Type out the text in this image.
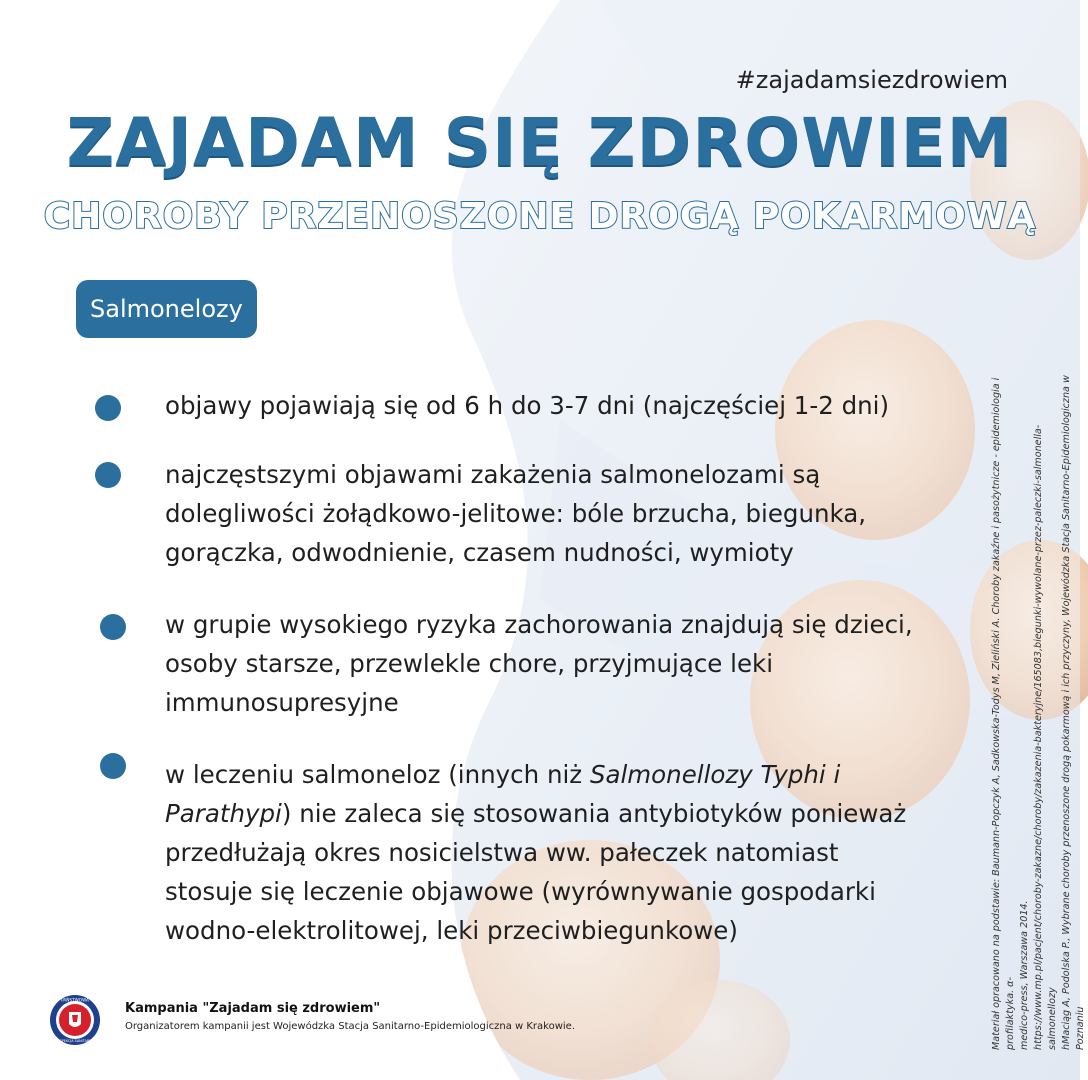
#zajadamsiezdrowiem
ZAJADAM SIĘ ZDROWIEM
CHOROBY PRZENOSZONE DROGĄ POKARMOWĄ
Salmonelozy
objawy pojawiają się od 6 h do 3-7 dni (najczęściej 1-2 dni)
najczęstszymi objawami zakażenia salmonelozami są
dolegliwości żołądkowo-jelitowe: bóle brzucha, biegunka,
gorączka, odwodnienie, czasem nudności, wymioty
w grupie wysokiego ryzyka zachorowania znajdują się dzieci,
osoby starsze, przewlekle chore, przyjmujące leki
immunosupresyjne
w leczeniu salmoneloz (innych niż Salmonellozy Typhi i
Parathypi) nie zaleca się stosowania antybiotyków ponieważ
przedłużają okres nosicielstwa ww. pałeczek natomiast
stosuje się leczenie objawowe (wyrównywanie gospodarki
wodno-elektrolitowej, leki przeciwbiegunkowe)	Materiał opracowano na podstawie: Baumann-Popczyk A, Sadkowska-Todys M, Zieliński A. Choroby zakaźne i pasożytnicze - epidemiologia i profilaktyka. α- medico-press, Warszawa 2014. https://www.mp.pl/pacjent/choroby-zakazne/choroby/zakazenia-bakteryjne/165083,biegunki-wywolane-przez-paleczki-salmonella-salmonellozy hMaciąg A, Podolska P., Wybrane choroby przenoszone drogą pokarmową i ich przyczyny, Wojewódzka Stacja Sanitarno-Epidemiologiczna w Poznaniu
PAŃSTWOWA
INSPEKCJA SANITARNA
Kampania "Zajadam się zdrowiem"
Organizatorem kampanii jest Wojewódzka Stacja Sanitarno-Epidemiologiczna w Krakowie.
